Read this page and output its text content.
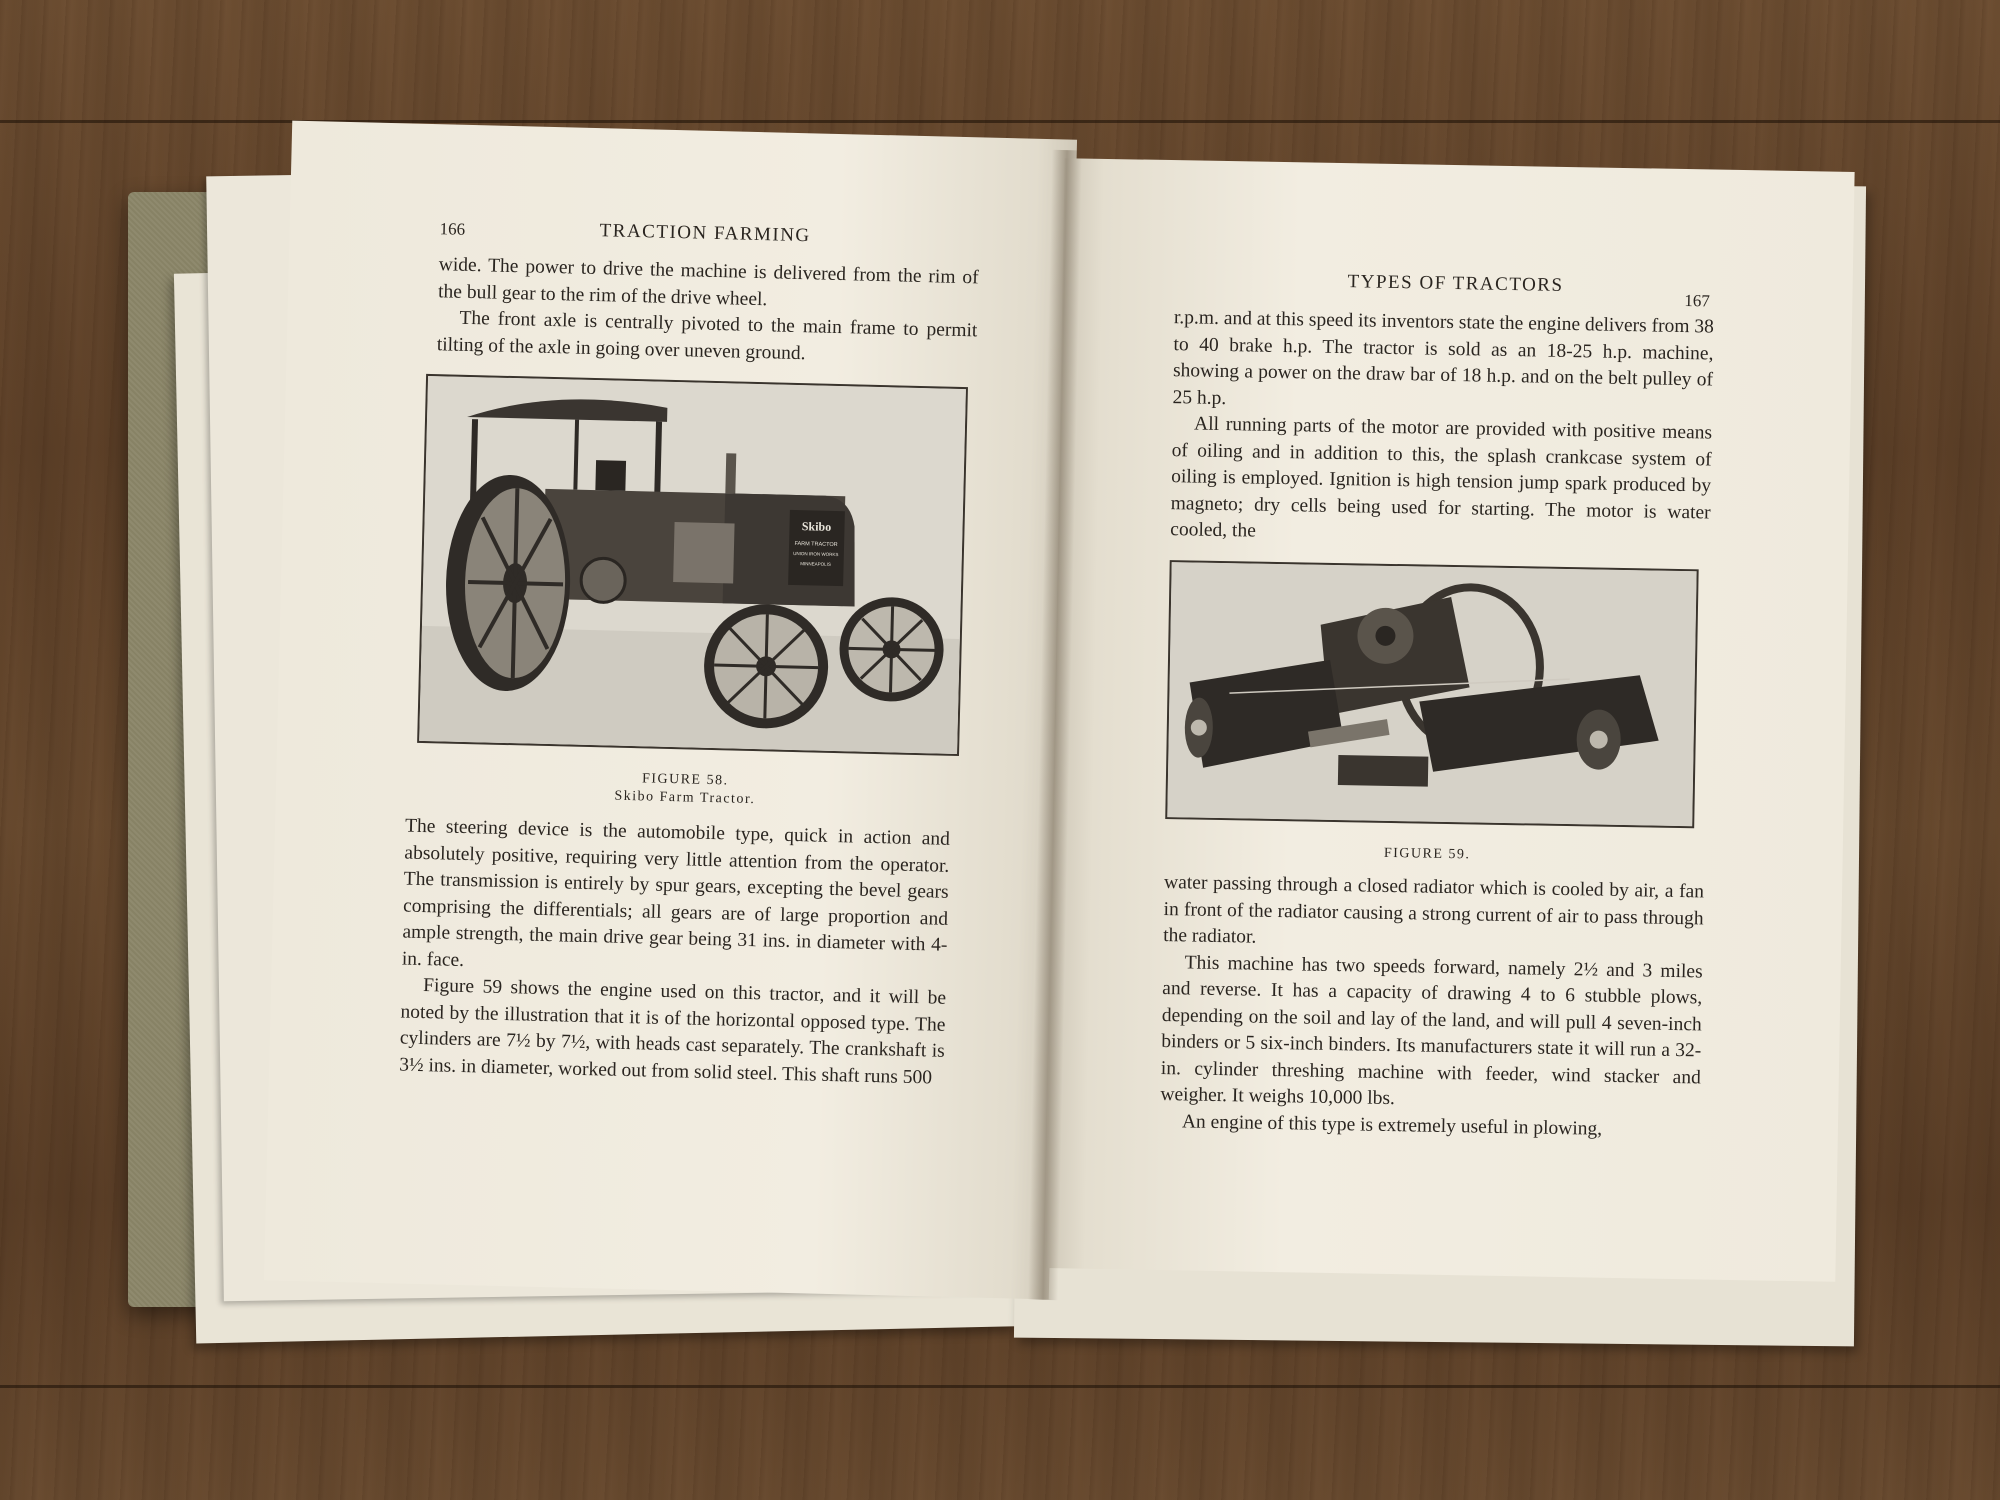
166	TRACTION FARMING

wide. The power to drive the machine is delivered from the rim of the bull gear to the rim of the drive wheel.

The front axle is centrally pivoted to the main frame to permit tilting of the axle in going over uneven ground.

Skibo
FARM TRACTOR
UNION IRON WORKS
MINNEAPOLIS
FIGURE 58.
Skibo Farm Tractor.

The steering device is the automobile type, quick in action and absolutely positive, requiring very little attention from the operator. The transmission is entirely by spur gears, excepting the bevel gears comprising the differentials; all gears are of large proportion and ample strength, the main drive gear being 31 ins. in diameter with 4-in. face.

Figure 59 shows the engine used on this tractor, and it will be noted by the illustration that it is of the horizontal opposed type. The cylinders are 7½ by 7½, with heads cast separately. The crankshaft is 3½ ins. in diameter, worked out from solid steel. This shaft runs 500

TYPES OF TRACTORS
167

r.p.m. and at this speed its inventors state the engine delivers from 38 to 40 brake h.p. The tractor is sold as an 18-25 h.p. machine, showing a power on the draw bar of 18 h.p. and on the belt pulley of 25 h.p.

All running parts of the motor are provided with positive means of oiling and in addition to this, the splash crankcase system of oiling is employed. Ignition is high tension jump spark produced by magneto; dry cells being used for starting. The motor is water cooled, the

FIGURE 59.

water passing through a closed radiator which is cooled by air, a fan in front of the radiator causing a strong current of air to pass through the radiator.

This machine has two speeds forward, namely 2½ and 3 miles and reverse. It has a capacity of drawing 4 to 6 stubble plows, depending on the soil and lay of the land, and will pull 4 seven-inch binders or 5 six-inch binders. Its manufacturers state it will run a 32-in. cylinder threshing machine with feeder, wind stacker and weigher. It weighs 10,000 lbs.

An engine of this type is extremely useful in plowing,
